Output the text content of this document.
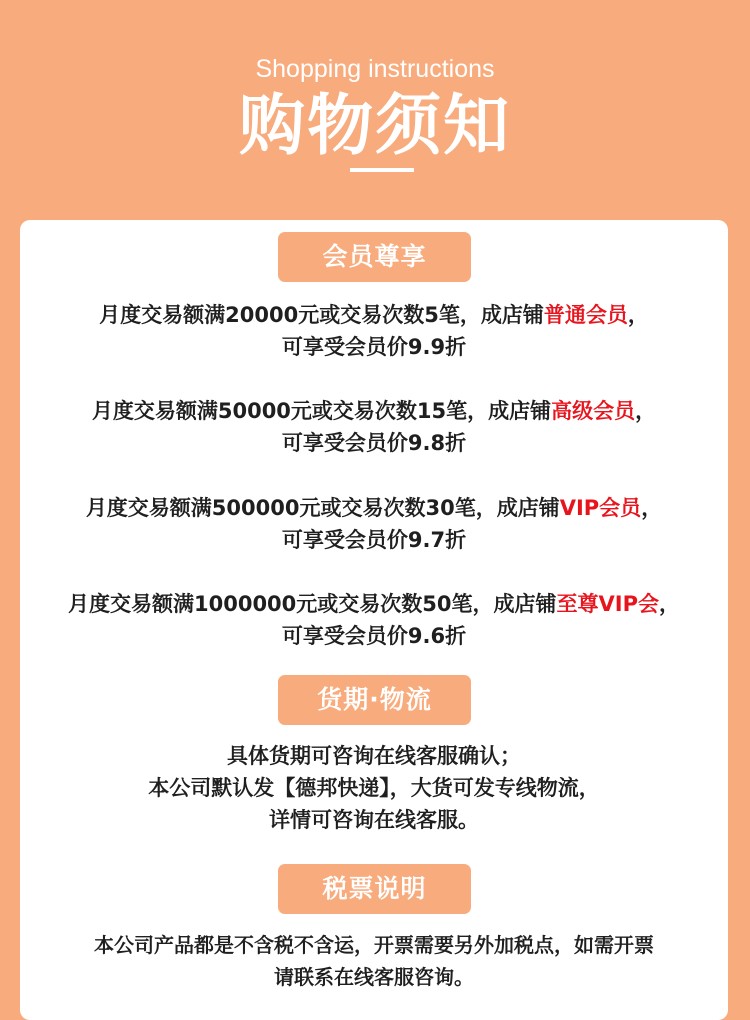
Shopping instructions
购物须知
会员尊享
月度交易额满20000元或交易次数5笔，成店铺普通会员，
可享受会员价9.9折
月度交易额满50000元或交易次数15笔，成店铺高级会员，
可享受会员价9.8折
月度交易额满500000元或交易次数30笔，成店铺VIP会员，
可享受会员价9.7折
月度交易额满1000000元或交易次数50笔，成店铺至尊VIP会，
可享受会员价9.6折
货期·物流
具体货期可咨询在线客服确认；
本公司默认发【德邦快递】，大货可发专线物流，
详情可咨询在线客服。
税票说明
本公司产品都是不含税不含运，开票需要另外加税点，如需开票
请联系在线客服咨询。
